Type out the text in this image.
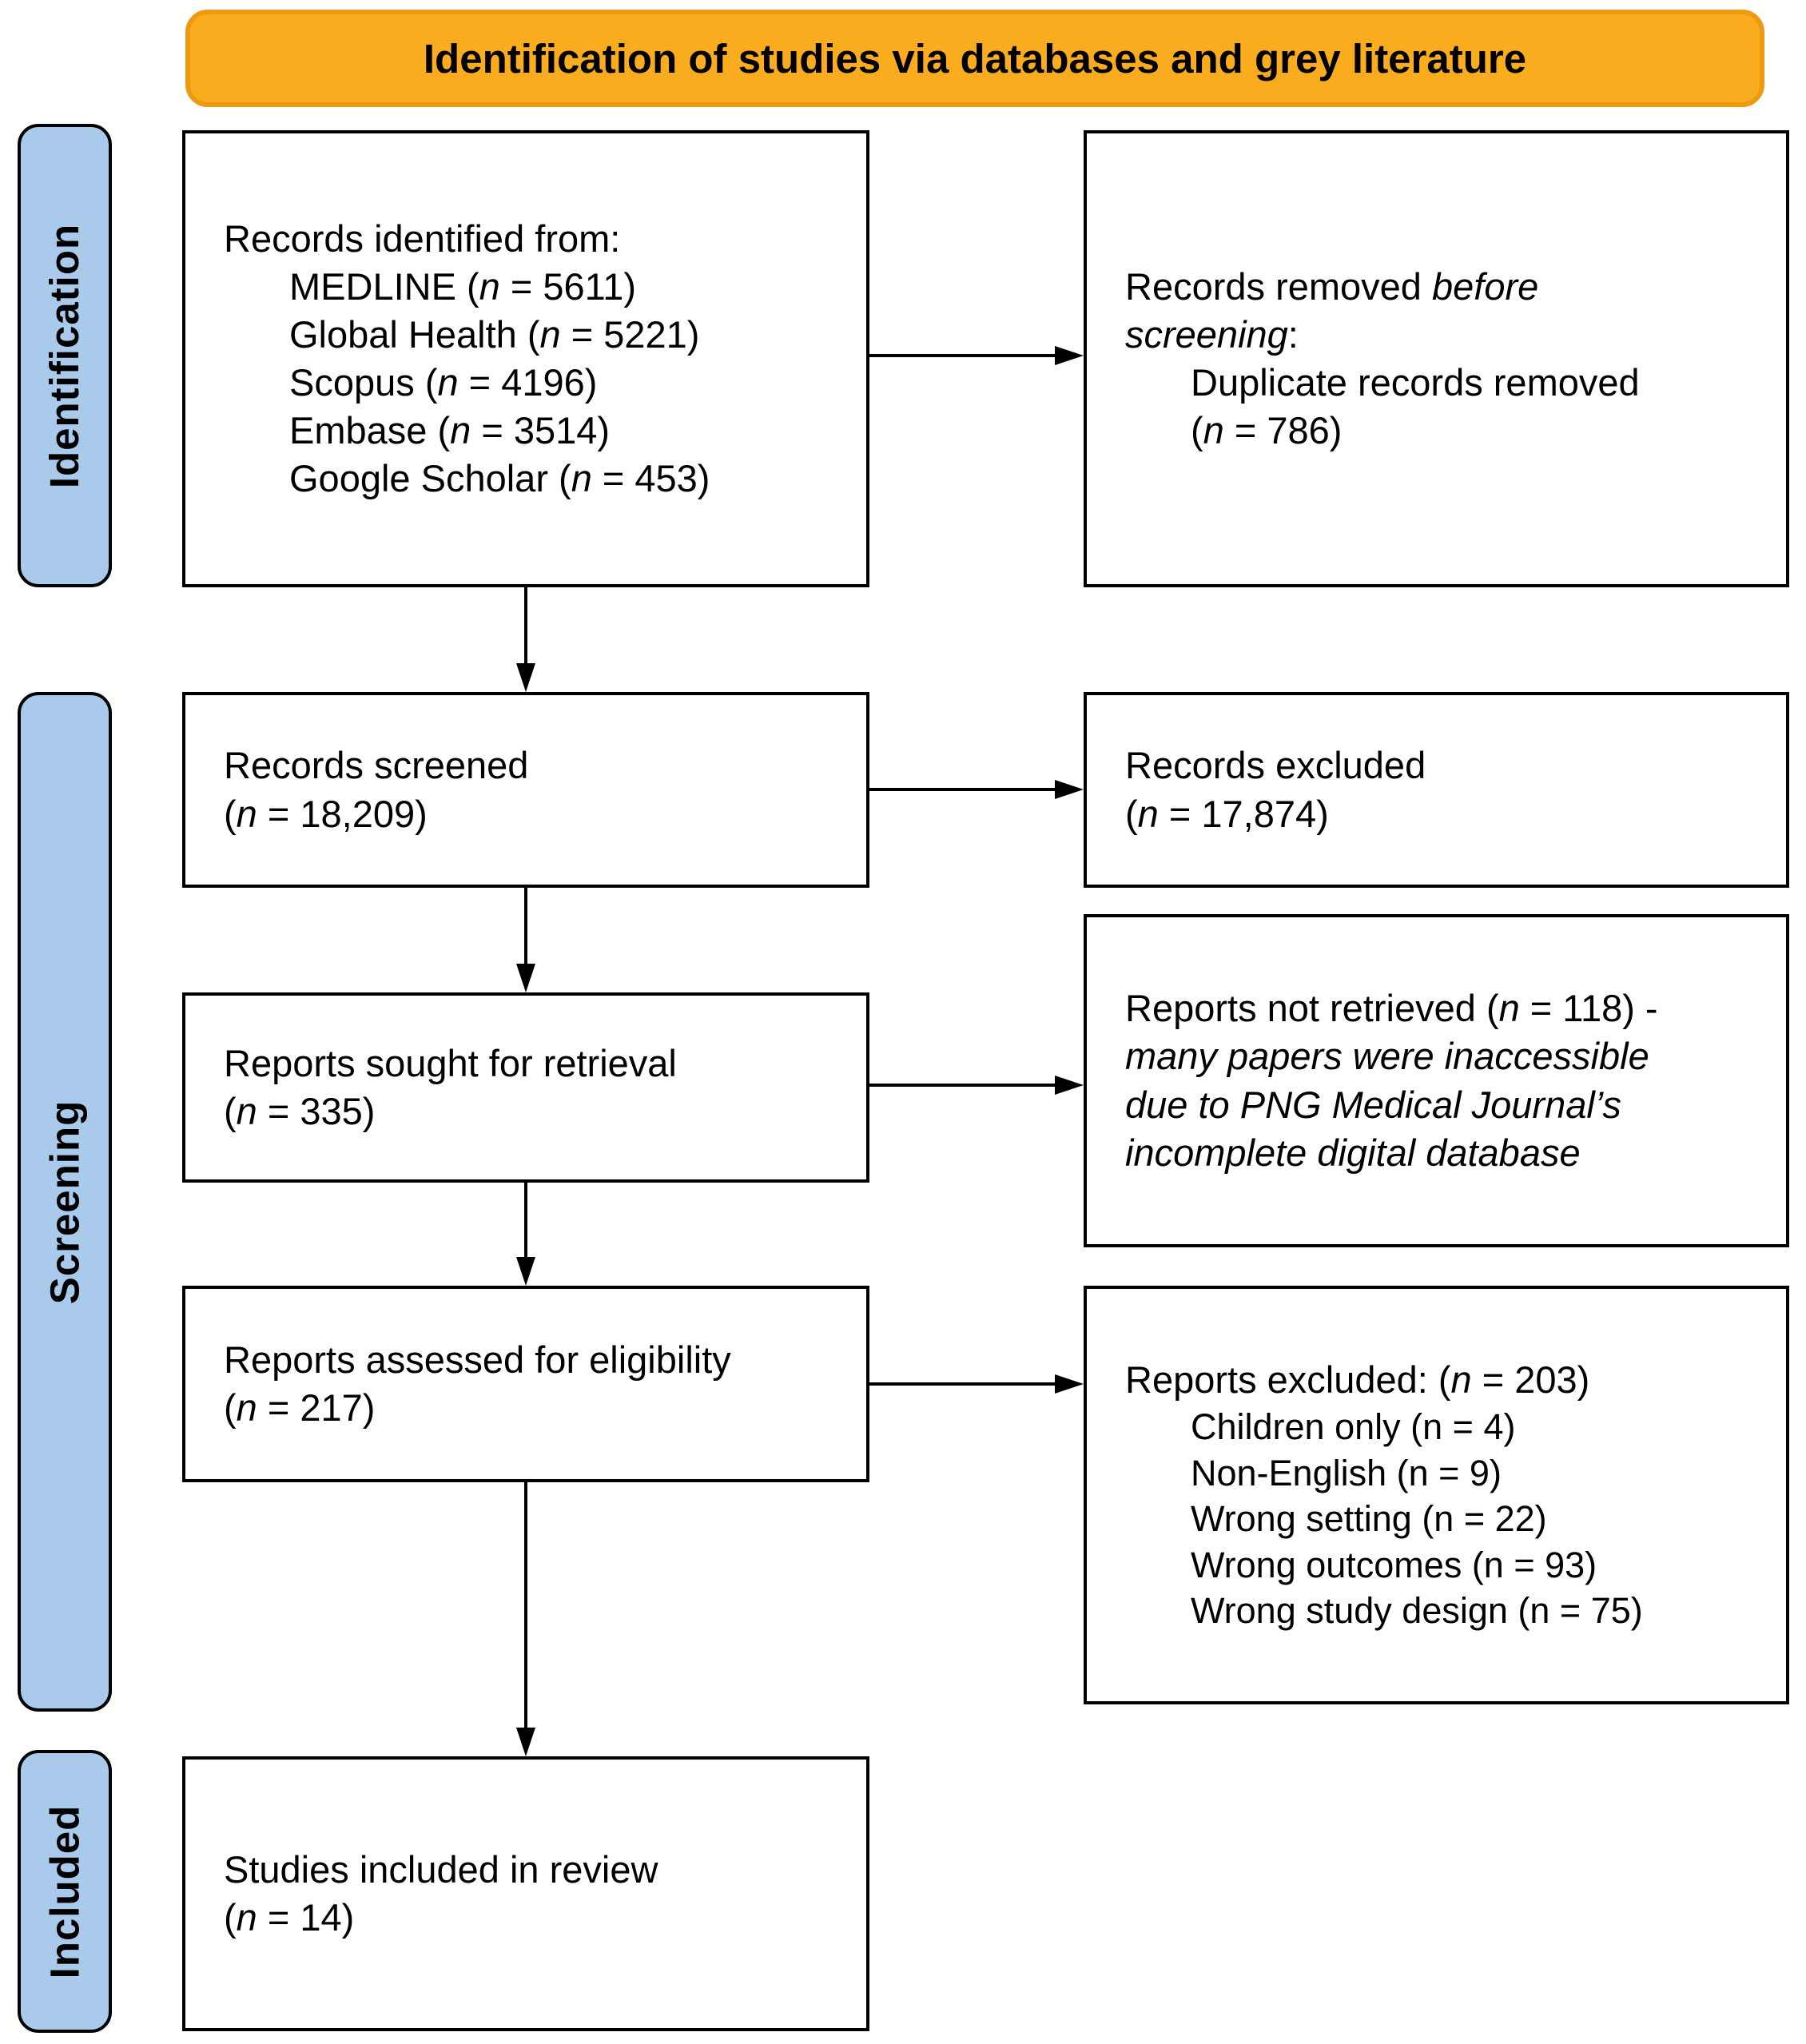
Identification of studies via databases and grey literature
Identification
Screening
Included
Records identified from:
MEDLINE (n = 5611)
Global Health (n = 5221)
Scopus (n = 4196)
Embase (n = 3514)
Google Scholar (n = 453)
Records removed before screening:
Duplicate records removed
(n = 786)
Records screened
(n = 18,209)
Records excluded
(n = 17,874)
Reports sought for retrieval
(n = 335)
Reports not retrieved (n = 118) - many papers were inaccessible due to PNG Medical Journal’s incomplete digital database
Reports assessed for eligibility
(n = 217)
Reports excluded: (n = 203)
Children only (n = 4)
Non-English (n = 9)
Wrong setting (n = 22)
Wrong outcomes (n = 93)
Wrong study design (n = 75)
Studies included in review
(n = 14)
